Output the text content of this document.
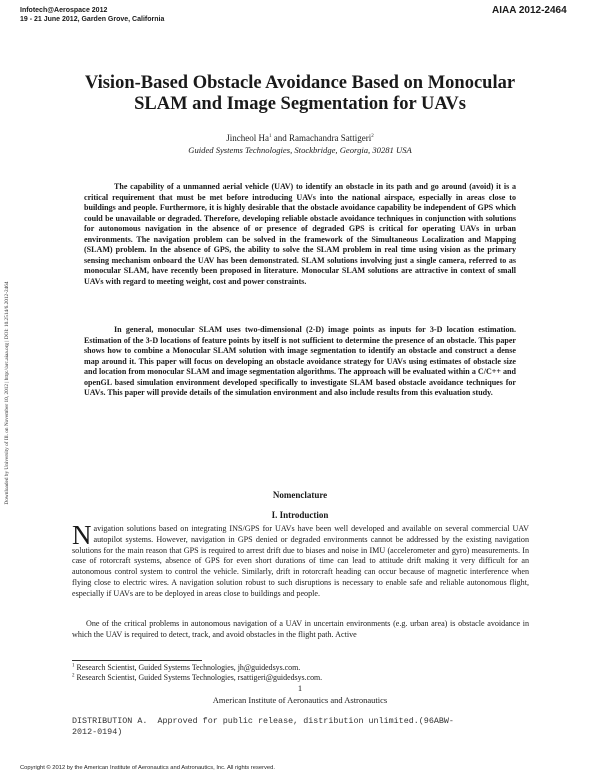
Infotech@Aerospace 2012
19 - 21 June 2012, Garden Grove, California
AIAA 2012-2464
Downloaded by University of Ill. on November 10, 2012 | http://arc.aiaa.org | DOI: 10.2514/6.2012-2464
Vision-Based Obstacle Avoidance Based on Monocular SLAM and Image Segmentation for UAVs
Jincheol Ha$^1$ and Ramachandra Sattigeri$^2$
Guided Systems Technologies, Stockbridge, Georgia, 30281 USA

The capability of a unmanned aerial vehicle (UAV) to identify an obstacle in its path and go around (avoid) it is a critical requirement that must be met before introducing UAVs into the national airspace, especially in areas close to buildings and people. Furthermore, it is highly desirable that the obstacle avoidance capability be independent of GPS which could be unavailable or degraded. Therefore, developing reliable obstacle avoidance techniques in conjunction with solutions for autonomous navigation in the absence of or presence of degraded GPS is critical for operating UAVs in urban environments. The navigation problem can be solved in the framework of the Simultaneous Localization and Mapping (SLAM) problem. In the absence of GPS, the ability to solve the SLAM problem in real time using vision as the primary sensing mechanism onboard the UAV has been demonstrated. SLAM solutions involving just a single camera, referred to as monocular SLAM, have recently been proposed in literature. Monocular SLAM solutions are attractive in context of small UAVs with regard to meeting weight, cost and power constraints.

In general, monocular SLAM uses two-dimensional (2-D) image points as inputs for 3-D location estimation. Estimation of the 3-D locations of feature points by itself is not sufficient to determine the presence of an obstacle. This paper shows how to combine a Monocular SLAM solution with image segmentation to identify an obstacle and construct a dense map around it. This paper will focus on developing an obstacle avoidance strategy for UAVs using estimates of obstacle size and location from monocular SLAM and image segmentation algorithms. The approach will be evaluated within a C/C++ and openGL based simulation environment developed specifically to investigate SLAM based obstacle avoidance techniques for UAVs. This paper will provide details of the simulation environment and also include results from this evaluation study.

Nomenclature
I. Introduction

Navigation solutions based on integrating INS/GPS for UAVs have been well developed and available on several commercial UAV autopilot systems. However, navigation in GPS denied or degraded environments cannot be addressed by the existing navigation solutions for the main reason that GPS is required to arrest drift due to biases and noise in IMU (accelerometer and gyro) measurements. In case of rotorcraft systems, absence of GPS for even short durations of time can lead to attitude drift making it very difficult for an autonomous control system to control the vehicle. Similarly, drift in rotorcraft heading can occur because of magnetic interference when flying close to electric wires. A navigation solution robust to such disruptions is necessary to enable safe and reliable autonomous flight, especially if UAVs are to be deployed in areas close to buildings and people.

One of the critical problems in autonomous navigation of a UAV in uncertain environments (e.g. urban area) is obstacle avoidance in which the UAV is required to detect, track, and avoid obstacles in the flight path. Active

$^1$ Research Scientist, Guided Systems Technologies, jh@guidedsys.com.
$^2$ Research Scientist, Guided Systems Technologies, rsattigeri@guidedsys.com.
1
American Institute of Aeronautics and Astronautics
DISTRIBUTION A.  Approved for public release, distribution unlimited.(96ABW-
2012-0194)
Copyright © 2012 by the American Institute of Aeronautics and Astronautics, Inc. All rights reserved.
